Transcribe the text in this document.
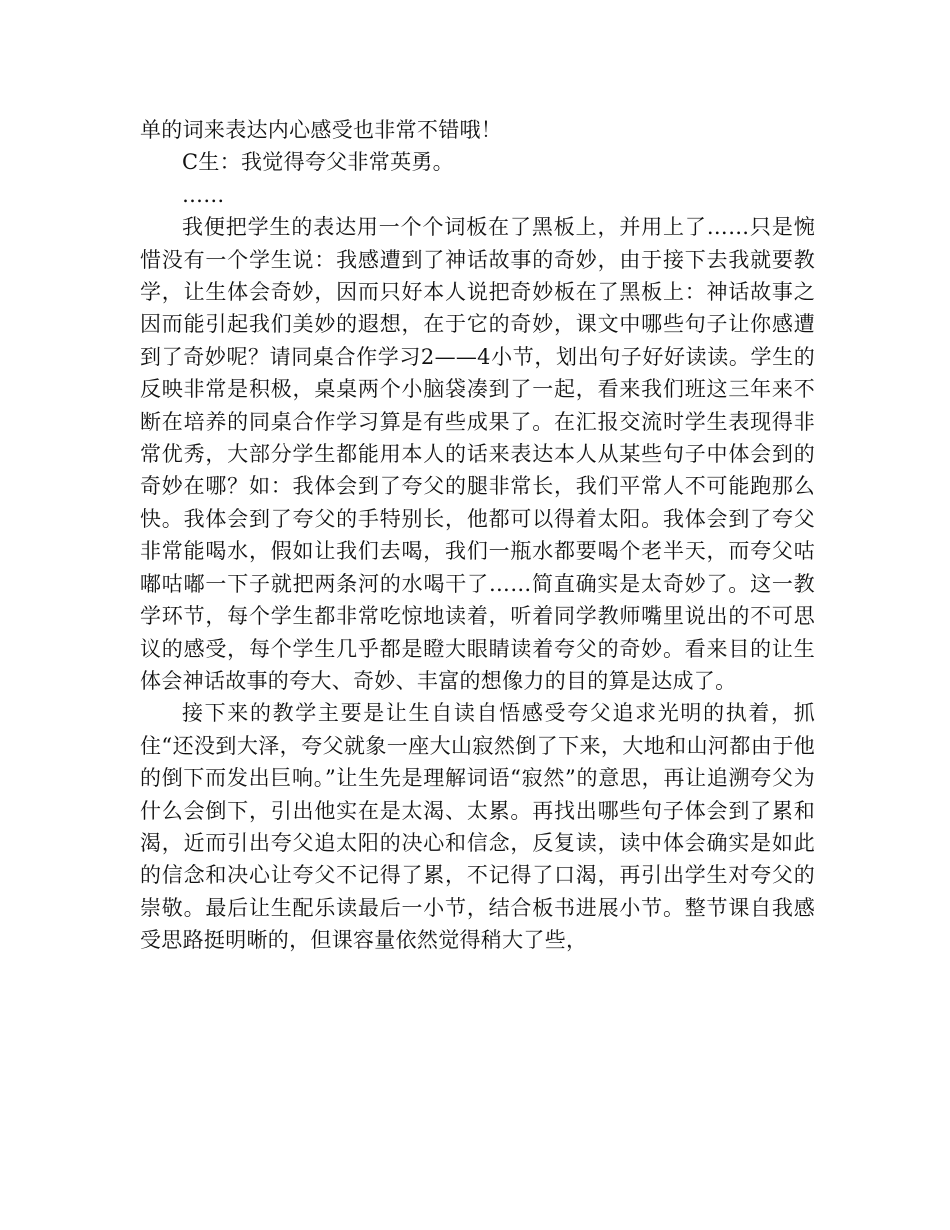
单的词来表达内心感受也非常不错哦！

C生：我觉得夸父非常英勇。

……

我便把学生的表达用一个个词板在了黑板上，并用上了……只是惋惜没有一个学生说：我感遭到了神话故事的奇妙，由于接下去我就要教学，让生体会奇妙，因而只好本人说把奇妙板在了黑板上：神话故事之因而能引起我们美妙的遐想，在于它的奇妙，课文中哪些句子让你感遭到了奇妙呢？请同桌合作学习2——4小节，划出句子好好读读。学生的反映非常是积极，桌桌两个小脑袋凑到了一起，看来我们班这三年来不断在培养的同桌合作学习算是有些成果了。在汇报交流时学生表现得非常优秀，大部分学生都能用本人的话来表达本人从某些句子中体会到的奇妙在哪？如：我体会到了夸父的腿非常长，我们平常人不可能跑那么快。我体会到了夸父的手特别长，他都可以得着太阳。我体会到了夸父非常能喝水，假如让我们去喝，我们一瓶水都要喝个老半天，而夸父咕嘟咕嘟一下子就把两条河的水喝干了……简直确实是太奇妙了。这一教学环节，每个学生都非常吃惊地读着，听着同学教师嘴里说出的不可思议的感受，每个学生几乎都是瞪大眼睛读着夸父的奇妙。看来目的让生体会神话故事的夸大、奇妙、丰富的想像力的目的算是达成了。

接下来的教学主要是让生自读自悟感受夸父追求光明的执着，抓住“还没到大泽，夸父就象一座大山寂然倒了下来，大地和山河都由于他的倒下而发出巨响。”让生先是理解词语“寂然”的意思，再让追溯夸父为什么会倒下，引出他实在是太渴、太累。再找出哪些句子体会到了累和渴，近而引出夸父追太阳的决心和信念，反复读，读中体会确实是如此的信念和决心让夸父不记得了累，不记得了口渴，再引出学生对夸父的崇敬。最后让生配乐读最后一小节，结合板书进展小节。整节课自我感受思路挺明晰的，但课容量依然觉得稍大了些，
